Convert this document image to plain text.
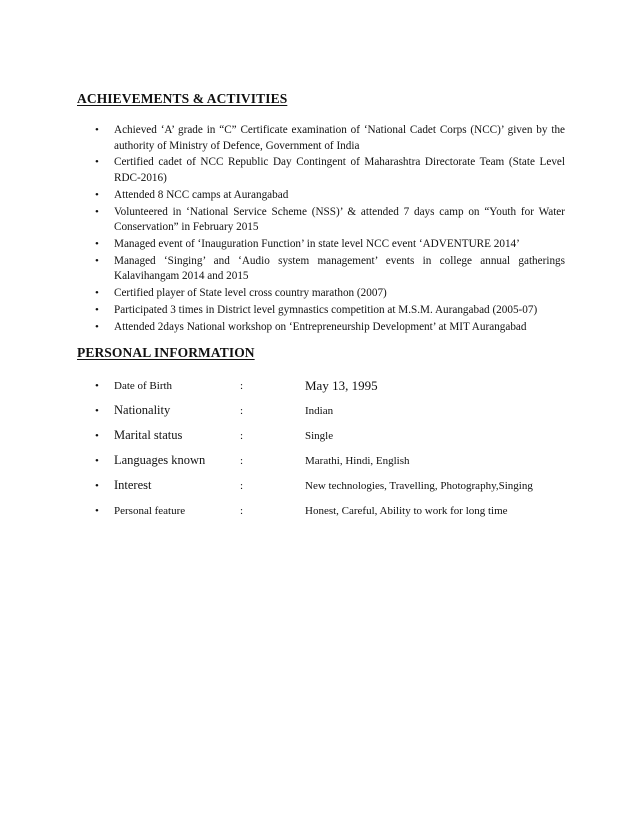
ACHIEVEMENTS & ACTIVITIES
• Achieved ‘A’ grade in “C” Certificate examination of ‘National Cadet Corps (NCC)’ given by the authority of Ministry of Defence, Government of India
• Certified cadet of NCC Republic Day Contingent of Maharashtra Directorate Team (State Level RDC-2016)
• Attended 8 NCC camps at Aurangabad
• Volunteered in ‘National Service Scheme (NSS)’ & attended 7 days camp on “Youth for Water Conservation” in February 2015
• Managed event of ‘Inauguration Function’ in state level NCC event ‘ADVENTURE 2014’
• Managed ‘Singing’ and ‘Audio system management’ events in college annual gatherings Kalavihangam 2014 and 2015
• Certified player of State level cross country marathon (2007)
• Participated 3 times in District level gymnastics competition at M.S.M. Aurangabad (2005-07)
• Attended 2days National workshop on ‘Entrepreneurship Development’ at MIT Aurangabad
PERSONAL INFORMATION
• Date of Birth	:	May 13, 1995
• Nationality	:	Indian
• Marital status	:	Single
• Languages known	:	Marathi, Hindi, English
• Interest	:	New technologies, Travelling, Photography,Singing
• Personal feature	:	Honest, Careful, Ability to work for long time
